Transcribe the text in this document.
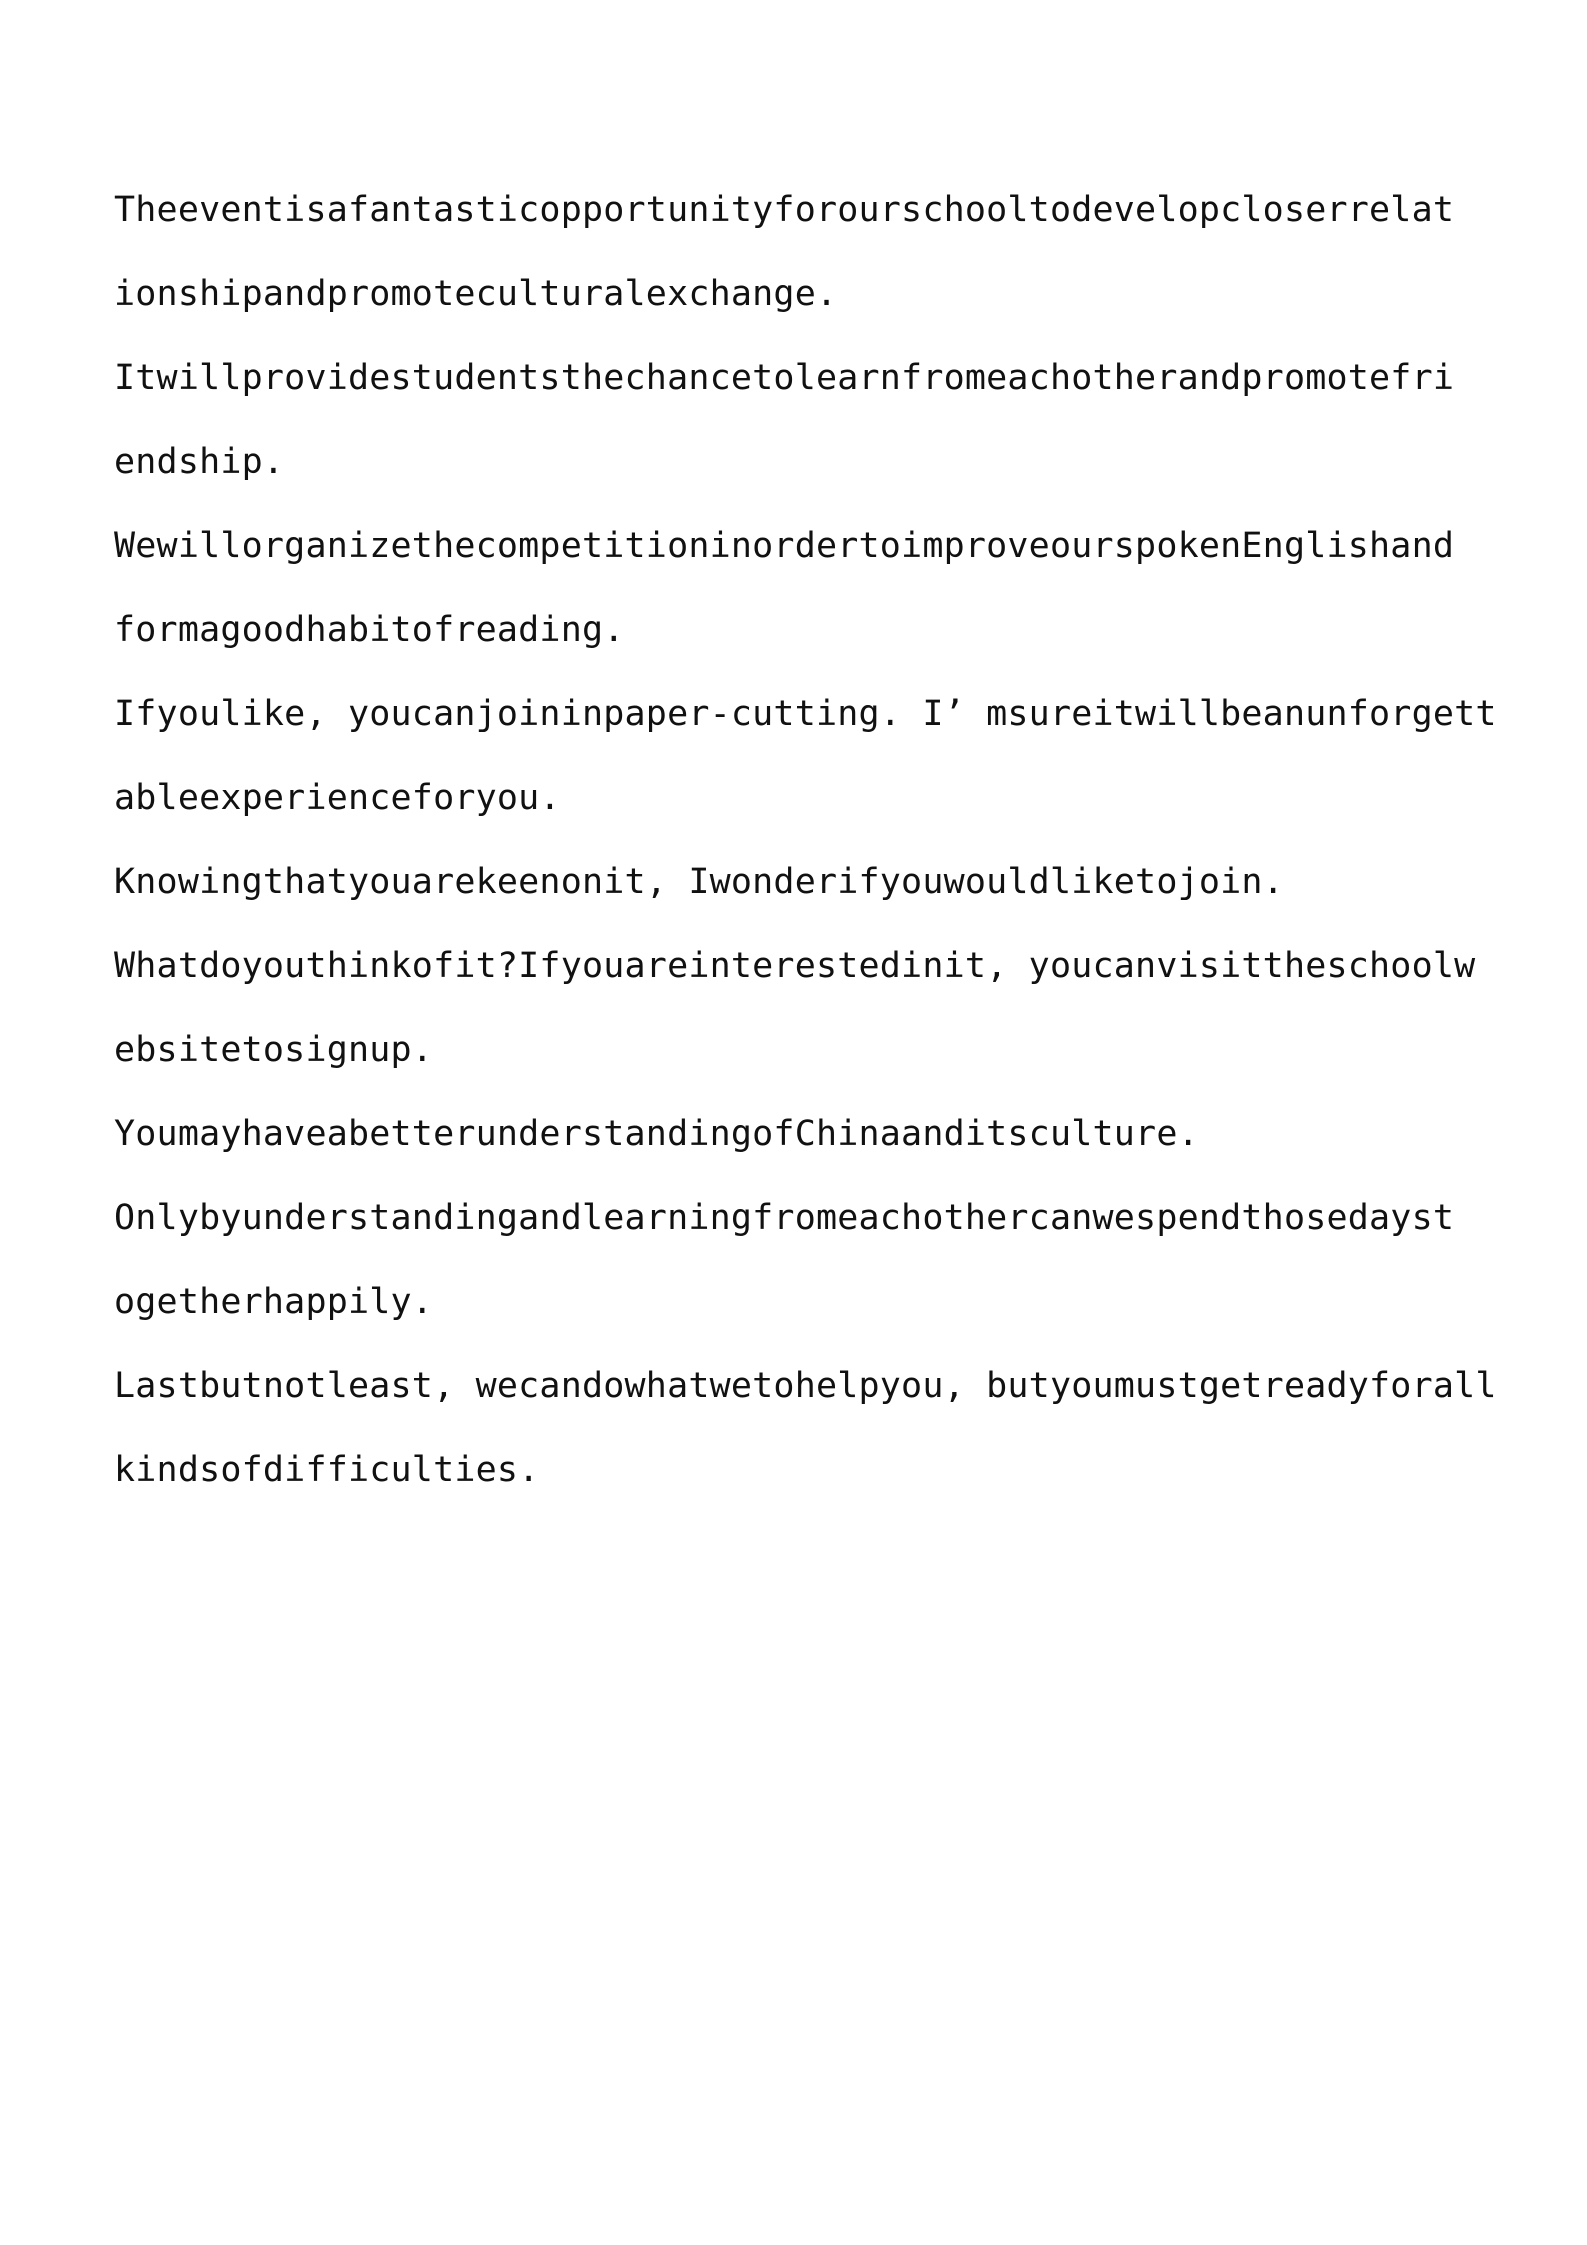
Theeventisafantasticopportunityforourschooltodevelopcloserrelat
ionshipandpromoteculturalexchange.
Itwillprovidestudentsthechancetolearnfromeachotherandpromotefri
endship.
WewillorganizethecompetitioninordertoimproveourspokenEnglishand
formagoodhabitofreading.
Ifyoulike, youcanjoininpaper-cutting. I’ msureitwillbeanunforgett
ableexperienceforyou.
Knowingthatyouarekeenonit, Iwonderifyouwouldliketojoin.
Whatdoyouthinkofit?Ifyouareinterestedinit, youcanvisittheschoolw
ebsitetosignup.
YoumayhaveabetterunderstandingofChinaanditsculture.
Onlybyunderstandingandlearningfromeachothercanwespendthosedayst
ogetherhappily.
Lastbutnotleast, wecandowhatwetohelpyou, butyoumustgetreadyforall
kindsofdifficulties.
